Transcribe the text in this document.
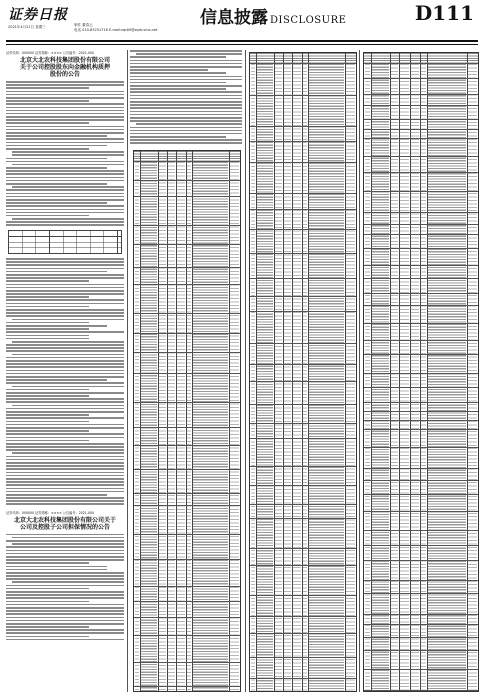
证券日报
2021年4月21日 星期三	制作 董春云
电话 010-83251716 E-mail:zqrb9@zqrb.sina.net
信息披露 DISCLOSURE	D111
证券代码：000000 证券简称：×××× 公告编号：2021-000
北京大北农科技集团股份有限公司
关于公司控股股东向金融机构质押
股份的公告
证券代码：000000 证券简称：×××× 公告编号：2021-000
北京大北农科技集团股份有限公司关于
公司及控股子公司担保情况的公告
